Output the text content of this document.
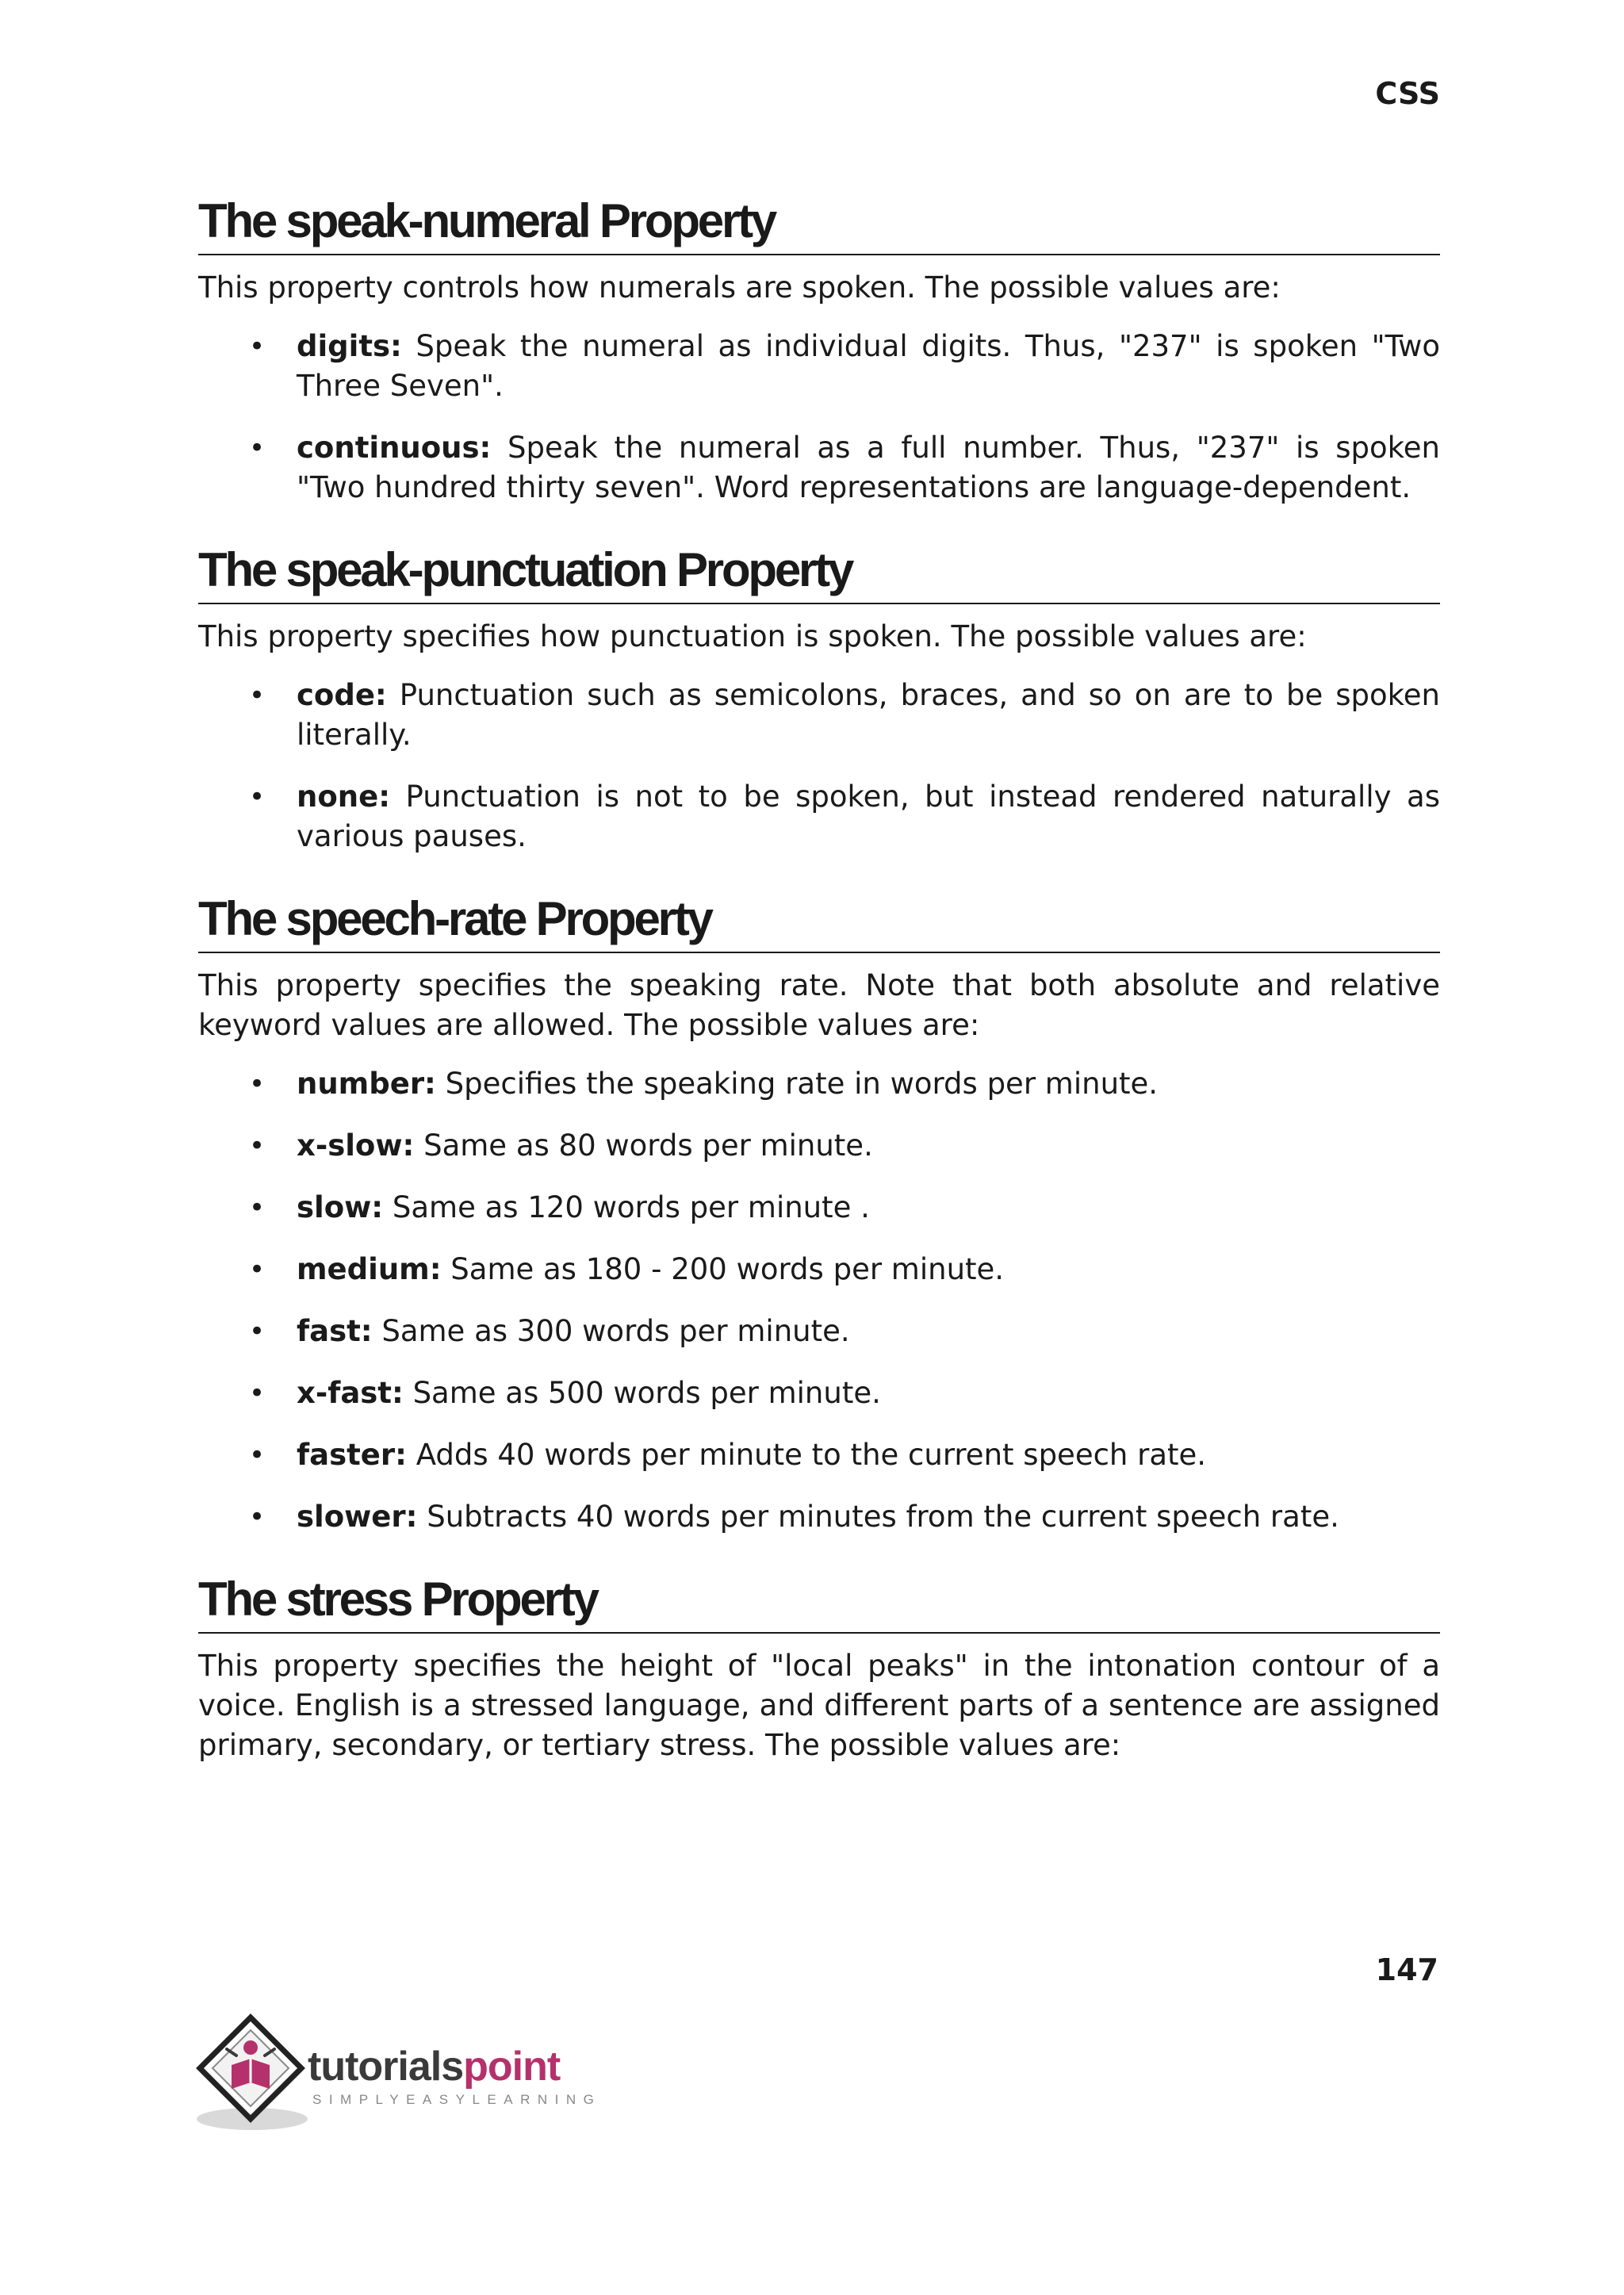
CSS
The speak-numeral Property

This property controls how numerals are spoken. The possible values are:

• digits: Speak the numeral as individual digits. Thus, "237" is spoken "Two Three Seven".
• continuous: Speak the numeral as a full number. Thus, "237" is spoken "Two hundred thirty seven". Word representations are language-dependent.
The speak-punctuation Property

This property specifies how punctuation is spoken. The possible values are:

• code: Punctuation such as semicolons, braces, and so on are to be spoken literally.
• none: Punctuation is not to be spoken, but instead rendered naturally as various pauses.
The speech-rate Property

This property specifies the speaking rate. Note that both absolute and relative keyword values are allowed. The possible values are:

• number: Specifies the speaking rate in words per minute.
• x-slow: Same as 80 words per minute.
• slow: Same as 120 words per minute .
• medium: Same as 180 - 200 words per minute.
• fast: Same as 300 words per minute.
• x-fast: Same as 500 words per minute.
• faster: Adds 40 words per minute to the current speech rate.
• slower: Subtracts 40 words per minutes from the current speech rate.
The stress Property

This property specifies the height of "local peaks" in the intonation contour of a voice. English is a stressed language, and different parts of a sentence are assigned primary, secondary, or tertiary stress. The possible values are:

147
tutorialspoint
SIMPLYEASYLEARNING
